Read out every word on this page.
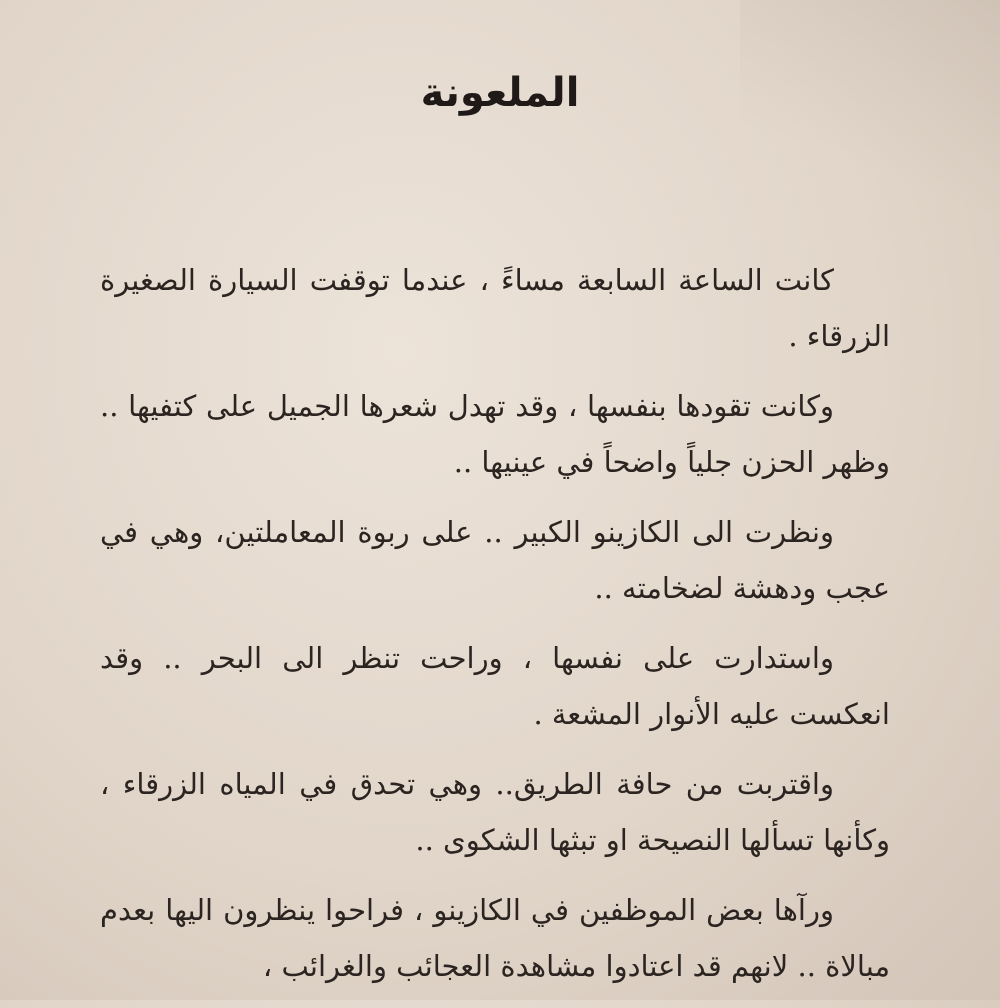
الملعونة

كانت الساعة السابعة مساءً ، عندما توقفت السيارة الصغيرة الزرقاء .

وكانت تقودها بنفسها ، وقد تهدل شعرها الجميل على كتفيها .. وظهر الحزن جلياً واضحاً في عينيها ..

ونظرت الى الكازينو الكبير .. على ربوة المعاملتين، وهي في عجب ودهشة لضخامته ..

واستدارت على نفسها ، وراحت تنظر الى البحر .. وقد انعكست عليه الأنوار المشعة .

واقتربت من حافة الطريق.. وهي تحدق في المياه الزرقاء ، وكأنها تسألها النصيحة او تبثها الشكوى ..

ورآها بعض الموظفين في الكازينو ، فراحوا ينظرون اليها بعدم مبالاة .. لانهم قد اعتادوا مشاهدة العجائب والغرائب ،
